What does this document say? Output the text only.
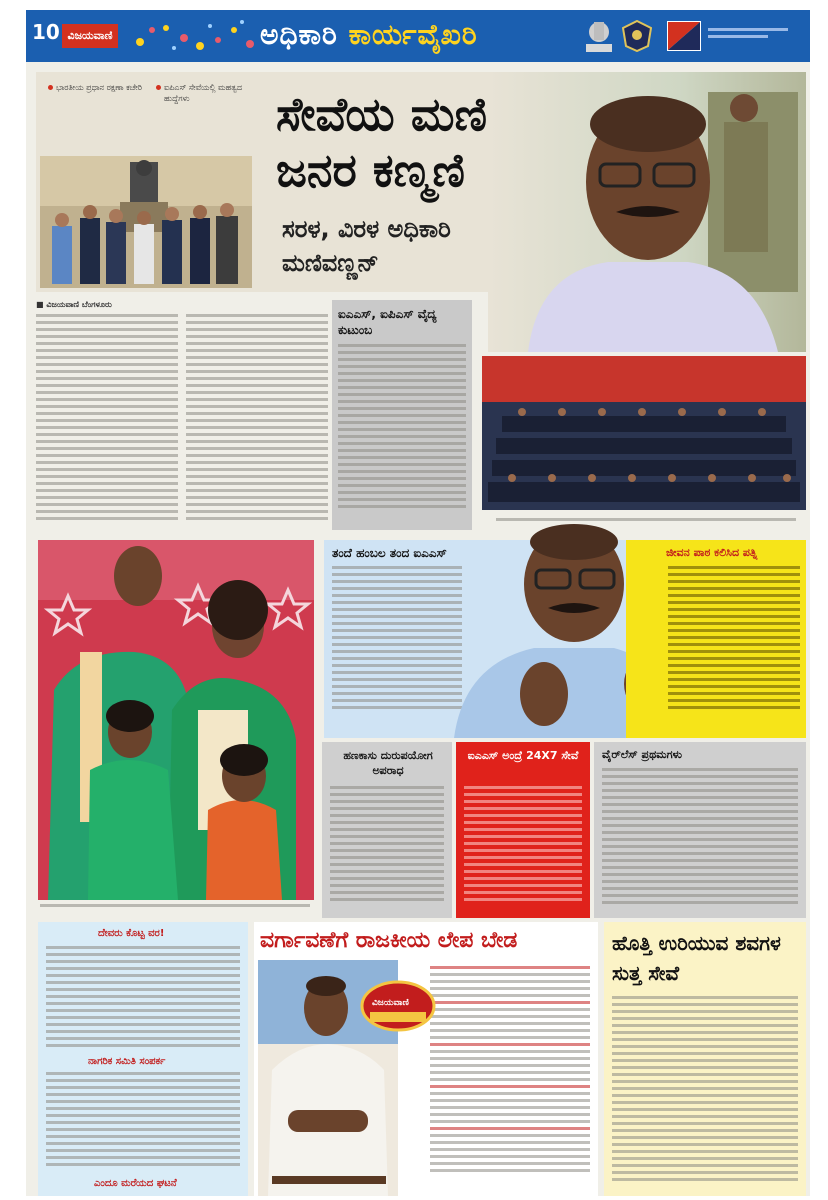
10 ವಿಜಯವಾಣಿ	ಅಧಿಕಾರಿ ಕಾರ್ಯವೈಖರಿ
ಭಾರತೀಯ ಪ್ರಧಾನ ರಕ್ಷಣಾ ಕಚೇರಿ	ಐಪಿಎಸ್ ಸೇವೆಯಲ್ಲಿ ಮಹತ್ವದ ಹುದ್ದೆಗಳು	ಸೇವೆಯ ಮಣಿ
ಜನರ ಕಣ್ಮಣಿ
ಸರಳ, ವಿರಳ ಅಧಿಕಾರಿ
ಮಣಿವಣ್ಣನ್
■ ವಿಜಯವಾಣಿ ಬೆಂಗಳೂರು
ಐಎಎಸ್, ಐಪಿಎಸ್ ವೈದ್ಯ ಕುಟುಂಬ
ತಂದೆ ಹಂಬಲ ತಂದ ಐಎಎಸ್	ಜೀವನ ಪಾಠ ಕಲಿಸಿದ ಪತ್ನಿ
ಹಣಕಾಸು ದುರುಪಯೋಗ ಅಪರಾಧ
ಐಎಎಸ್ ಅಂದ್ರೆ 24X7 ಸೇವೆ	ವೈರ್‌ಲೆಸ್ ಪ್ರಥಮಗಳು
ದೇವರು ಕೊಟ್ಟ ವರ!
ನಾಗರಿಕ ಸಮಿತಿ ಸಂಪರ್ಕ
ಎಂದೂ ಮರೆಯದ ಘಟನೆ
ವರ್ಗಾವಣೆಗೆ ರಾಜಕೀಯ ಲೇಪ ಬೇಡ
ವಿಜಯವಾಣಿ
ಹೊತ್ತಿ ಉರಿಯುವ ಶವಗಳ ಸುತ್ತ ಸೇವೆ
